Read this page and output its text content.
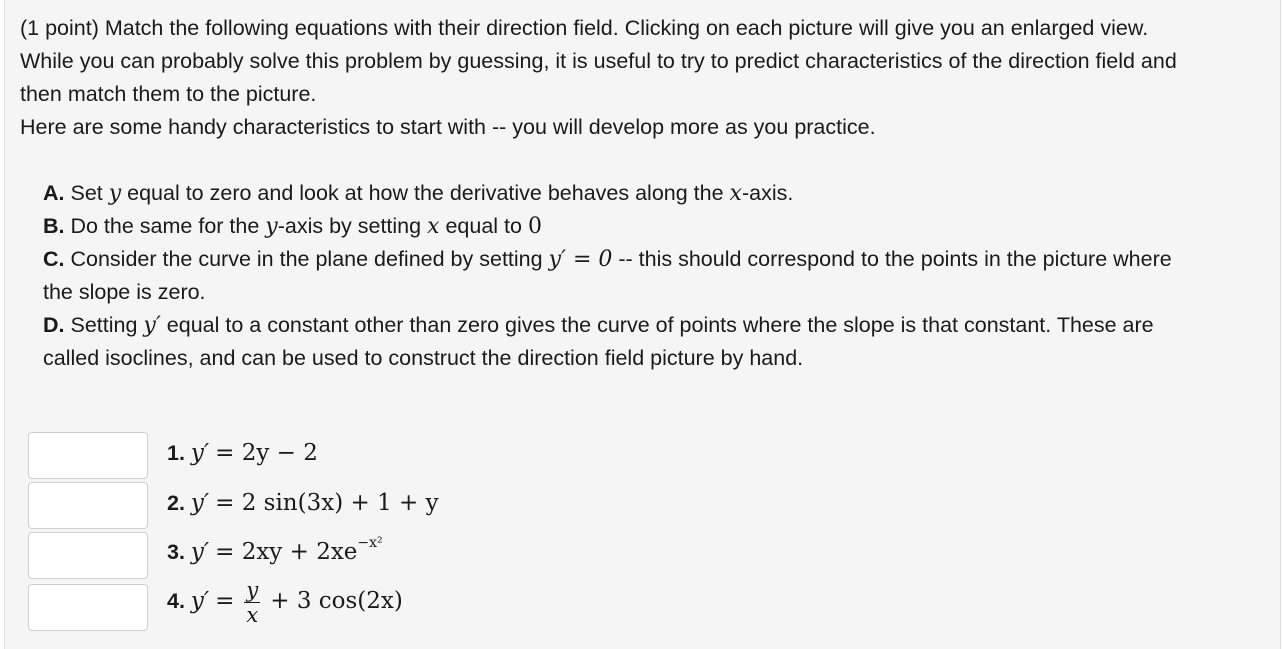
(1 point) Match the following equations with their direction field. Clicking on each picture will give you an enlarged view.
While you can probably solve this problem by guessing, it is useful to try to predict characteristics of the direction field and
then match them to the picture.
Here are some handy characteristics to start with -- you will develop more as you practice.
A. Set y equal to zero and look at how the derivative behaves along the x-axis.
B. Do the same for the y-axis by setting x equal to 0
C. Consider the curve in the plane defined by setting y′ = 0 -- this should correspond to the points in the picture where
the slope is zero.
D. Setting y′ equal to a constant other than zero gives the curve of points where the slope is that constant. These are
called isoclines, and can be used to construct the direction field picture by hand.
1. y′ = 2y − 2
2. y′ = 2 sin(3x) + 1 + y
3. $y' = 2xy + 2xe^{-x^2}$
4. $y' = \frac{y}{x} + 3$ cos(2x)
